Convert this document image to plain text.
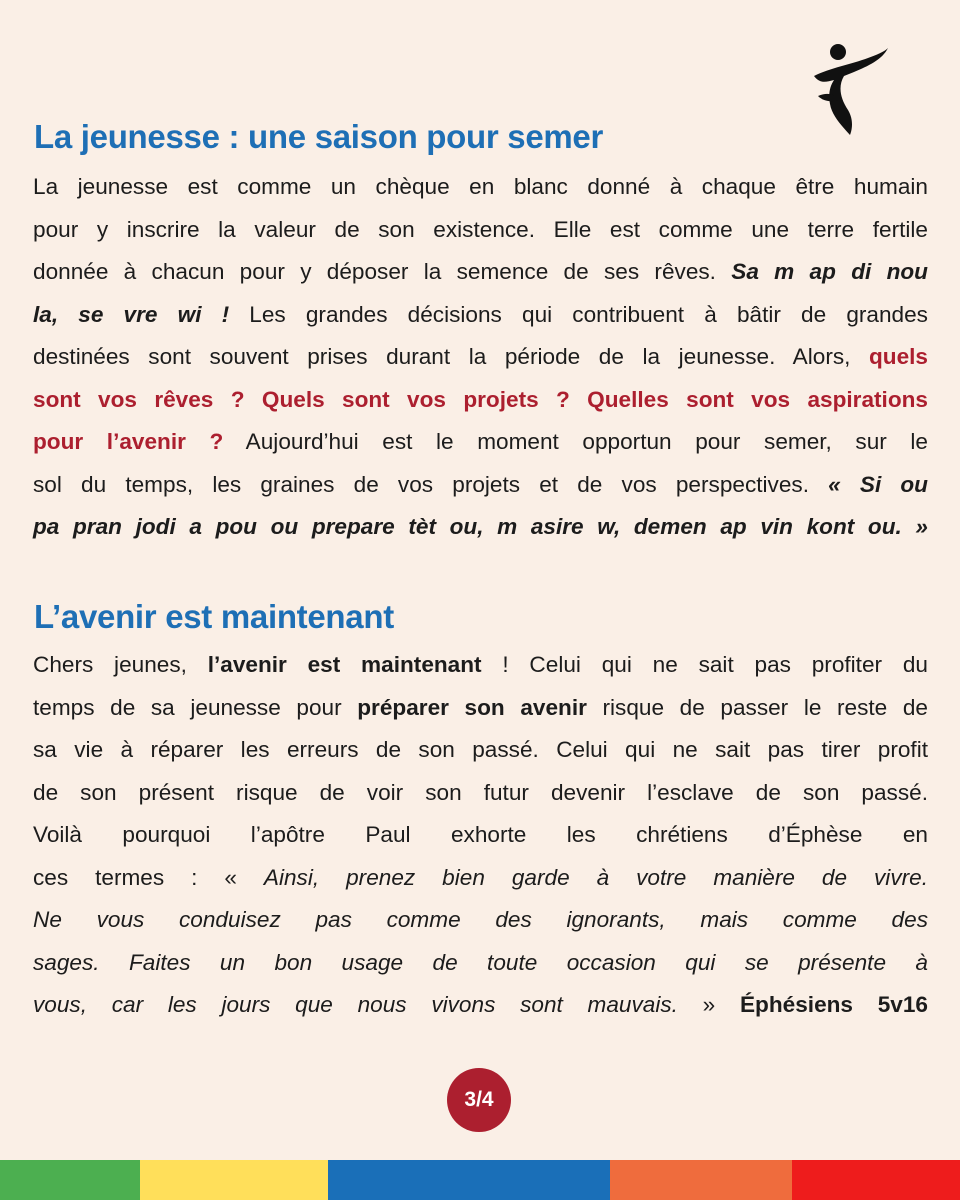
La jeunesse : une saison pour semer
La jeunesse est comme un chèque en blanc donné à chaque être humain
pour y inscrire la valeur de son existence. Elle est comme une terre fertile
donnée à chacun pour y déposer la semence de ses rêves. Sa m ap di nou
la, se vre wi ! Les grandes décisions qui contribuent à bâtir de grandes
destinées sont souvent prises durant la période de la jeunesse. Alors, quels
sont vos rêves ? Quels sont vos projets ? Quelles sont vos aspirations
pour l’avenir ? Aujourd’hui est le moment opportun pour semer, sur le
sol du temps, les graines de vos projets et de vos perspectives. « Si ou
pa pran jodi a pou ou prepare tèt ou, m asire w, demen ap vin kont ou. »
L’avenir est maintenant
Chers jeunes, l’avenir est maintenant ! Celui qui ne sait pas profiter du
temps de sa jeunesse pour préparer son avenir risque de passer le reste de
sa vie à réparer les erreurs de son passé. Celui qui ne sait pas tirer profit
de son présent risque de voir son futur devenir l’esclave de son passé.
Voilà pourquoi l’apôtre Paul exhorte les chrétiens d’Éphèse en
ces termes : « Ainsi, prenez bien garde à votre manière de vivre.
Ne vous conduisez pas comme des ignorants, mais comme des
sages. Faites un bon usage de toute occasion qui se présente à
vous, car les jours que nous vivons sont mauvais. » Éphésiens 5v16
3/4
